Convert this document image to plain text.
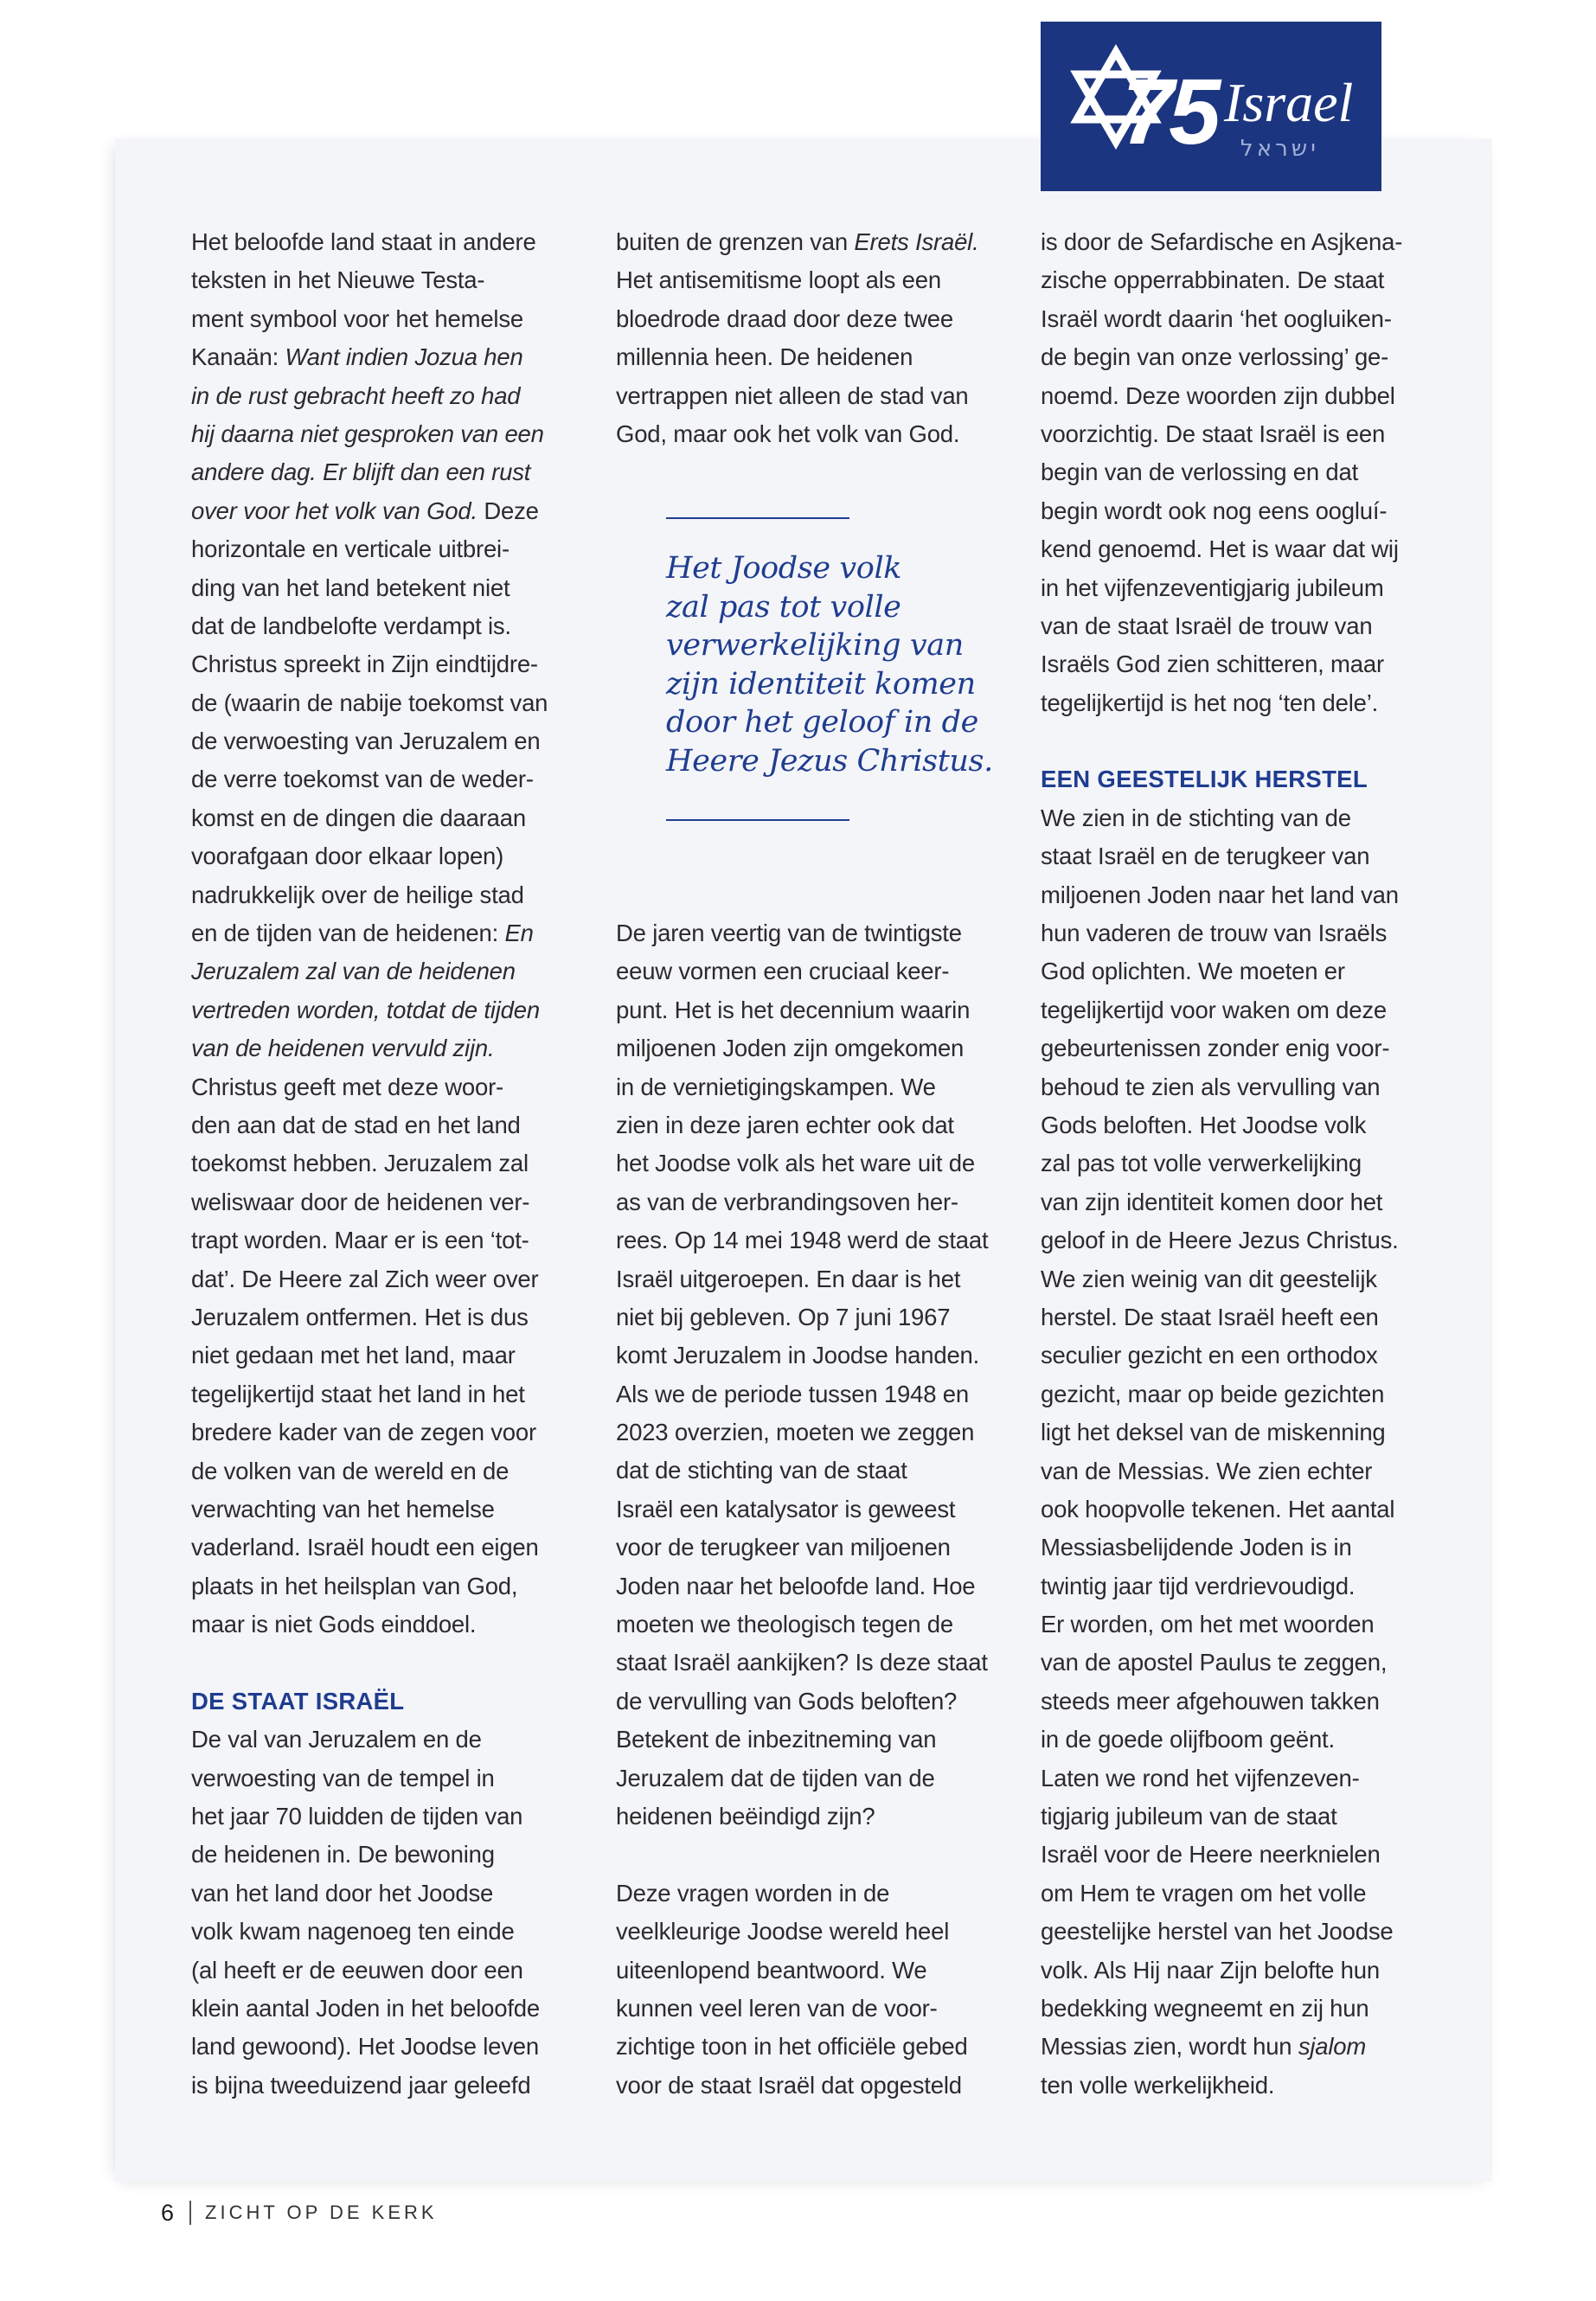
75 Israel
ישראל
Het beloofde land staat in andere
teksten in het Nieuwe Testa-
ment symbool voor het hemelse
Kanaän: Want indien Jozua hen
in de rust gebracht heeft zo had
hij daarna niet gesproken van een
andere dag. Er blijft dan een rust
over voor het volk van God. Deze
horizontale en verticale uitbrei-
ding van het land betekent niet
dat de landbelofte verdampt is.
Christus spreekt in Zijn eindtijdre-
de (waarin de nabije toekomst van
de verwoesting van Jeruzalem en
de verre toekomst van de weder-
komst en de dingen die daaraan
voorafgaan door elkaar lopen)
nadrukkelijk over de heilige stad
en de tijden van de heidenen: En
Jeruzalem zal van de heidenen
vertreden worden, totdat de tijden
van de heidenen vervuld zijn.
Christus geeft met deze woor-
den aan dat de stad en het land
toekomst hebben. Jeruzalem zal
weliswaar door de heidenen ver-
trapt worden. Maar er is een ‘tot-
dat’. De Heere zal Zich weer over
Jeruzalem ontfermen. Het is dus
niet gedaan met het land, maar
tegelijkertijd staat het land in het
bredere kader van de zegen voor
de volken van de wereld en de
verwachting van het hemelse
vaderland. Israël houdt een eigen
plaats in het heilsplan van God,
maar is niet Gods einddoel.
DE STAAT ISRAËL
De val van Jeruzalem en de
verwoesting van de tempel in
het jaar 70 luidden de tijden van
de heidenen in. De bewoning
van het land door het Joodse
volk kwam nagenoeg ten einde
(al heeft er de eeuwen door een
klein aantal Joden in het beloofde
land gewoond). Het Joodse leven
is bijna tweeduizend jaar geleefd
buiten de grenzen van Erets Israël.
Het antisemitisme loopt als een
bloedrode draad door deze twee
millennia heen. De heidenen
vertrappen niet alleen de stad van
God, maar ook het volk van God.
Het Joodse volk
zal pas tot volle
verwerkelijking van
zijn identiteit komen
door het geloof in de
Heere Jezus Christus.
De jaren veertig van de twintigste
eeuw vormen een cruciaal keer-
punt. Het is het decennium waarin
miljoenen Joden zijn omgekomen
in de vernietigingskampen. We
zien in deze jaren echter ook dat
het Joodse volk als het ware uit de
as van de verbrandingsoven her-
rees. Op 14 mei 1948 werd de staat
Israël uitgeroepen. En daar is het
niet bij gebleven. Op 7 juni 1967
komt Jeruzalem in Joodse handen.
Als we de periode tussen 1948 en
2023 overzien, moeten we zeggen
dat de stichting van de staat
Israël een katalysator is geweest
voor de terugkeer van miljoenen
Joden naar het beloofde land. Hoe
moeten we theologisch tegen de
staat Israël aankijken? Is deze staat
de vervulling van Gods beloften?
Betekent de inbezitneming van
Jeruzalem dat de tijden van de
heidenen beëindigd zijn?
Deze vragen worden in de
veelkleurige Joodse wereld heel
uiteenlopend beantwoord. We
kunnen veel leren van de voor-
zichtige toon in het officiële gebed
voor de staat Israël dat opgesteld
is door de Sefardische en Asjkena-
zische opperrabbinaten. De staat
Israël wordt daarin ‘het oogluiken-
de begin van onze verlossing’ ge-
noemd. Deze woorden zijn dubbel
voorzichtig. De staat Israël is een
begin van de verlossing en dat
begin wordt ook nog eens oogluí-
kend genoemd. Het is waar dat wij
in het vijfenzeventigjarig jubileum
van de staat Israël de trouw van
Israëls God zien schitteren, maar
tegelijkertijd is het nog ‘ten dele’.
EEN GEESTELIJK HERSTEL
We zien in de stichting van de
staat Israël en de terugkeer van
miljoenen Joden naar het land van
hun vaderen de trouw van Israëls
God oplichten. We moeten er
tegelijkertijd voor waken om deze
gebeurtenissen zonder enig voor-
behoud te zien als vervulling van
Gods beloften. Het Joodse volk
zal pas tot volle verwerkelijking
van zijn identiteit komen door het
geloof in de Heere Jezus Christus.
We zien weinig van dit geestelijk
herstel. De staat Israël heeft een
seculier gezicht en een orthodox
gezicht, maar op beide gezichten
ligt het deksel van de miskenning
van de Messias. We zien echter
ook hoopvolle tekenen. Het aantal
Messiasbelijdende Joden is in
twintig jaar tijd verdrievoudigd.
Er worden, om het met woorden
van de apostel Paulus te zeggen,
steeds meer afgehouwen takken
in de goede olijfboom geënt.
Laten we rond het vijfenzeven-
tigjarig jubileum van de staat
Israël voor de Heere neerknielen
om Hem te vragen om het volle
geestelijke herstel van het Joodse
volk. Als Hij naar Zijn belofte hun
bedekking wegneemt en zij hun
Messias zien, wordt hun sjalom
ten volle werkelijkheid.
6 ZICHT OP DE KERK
